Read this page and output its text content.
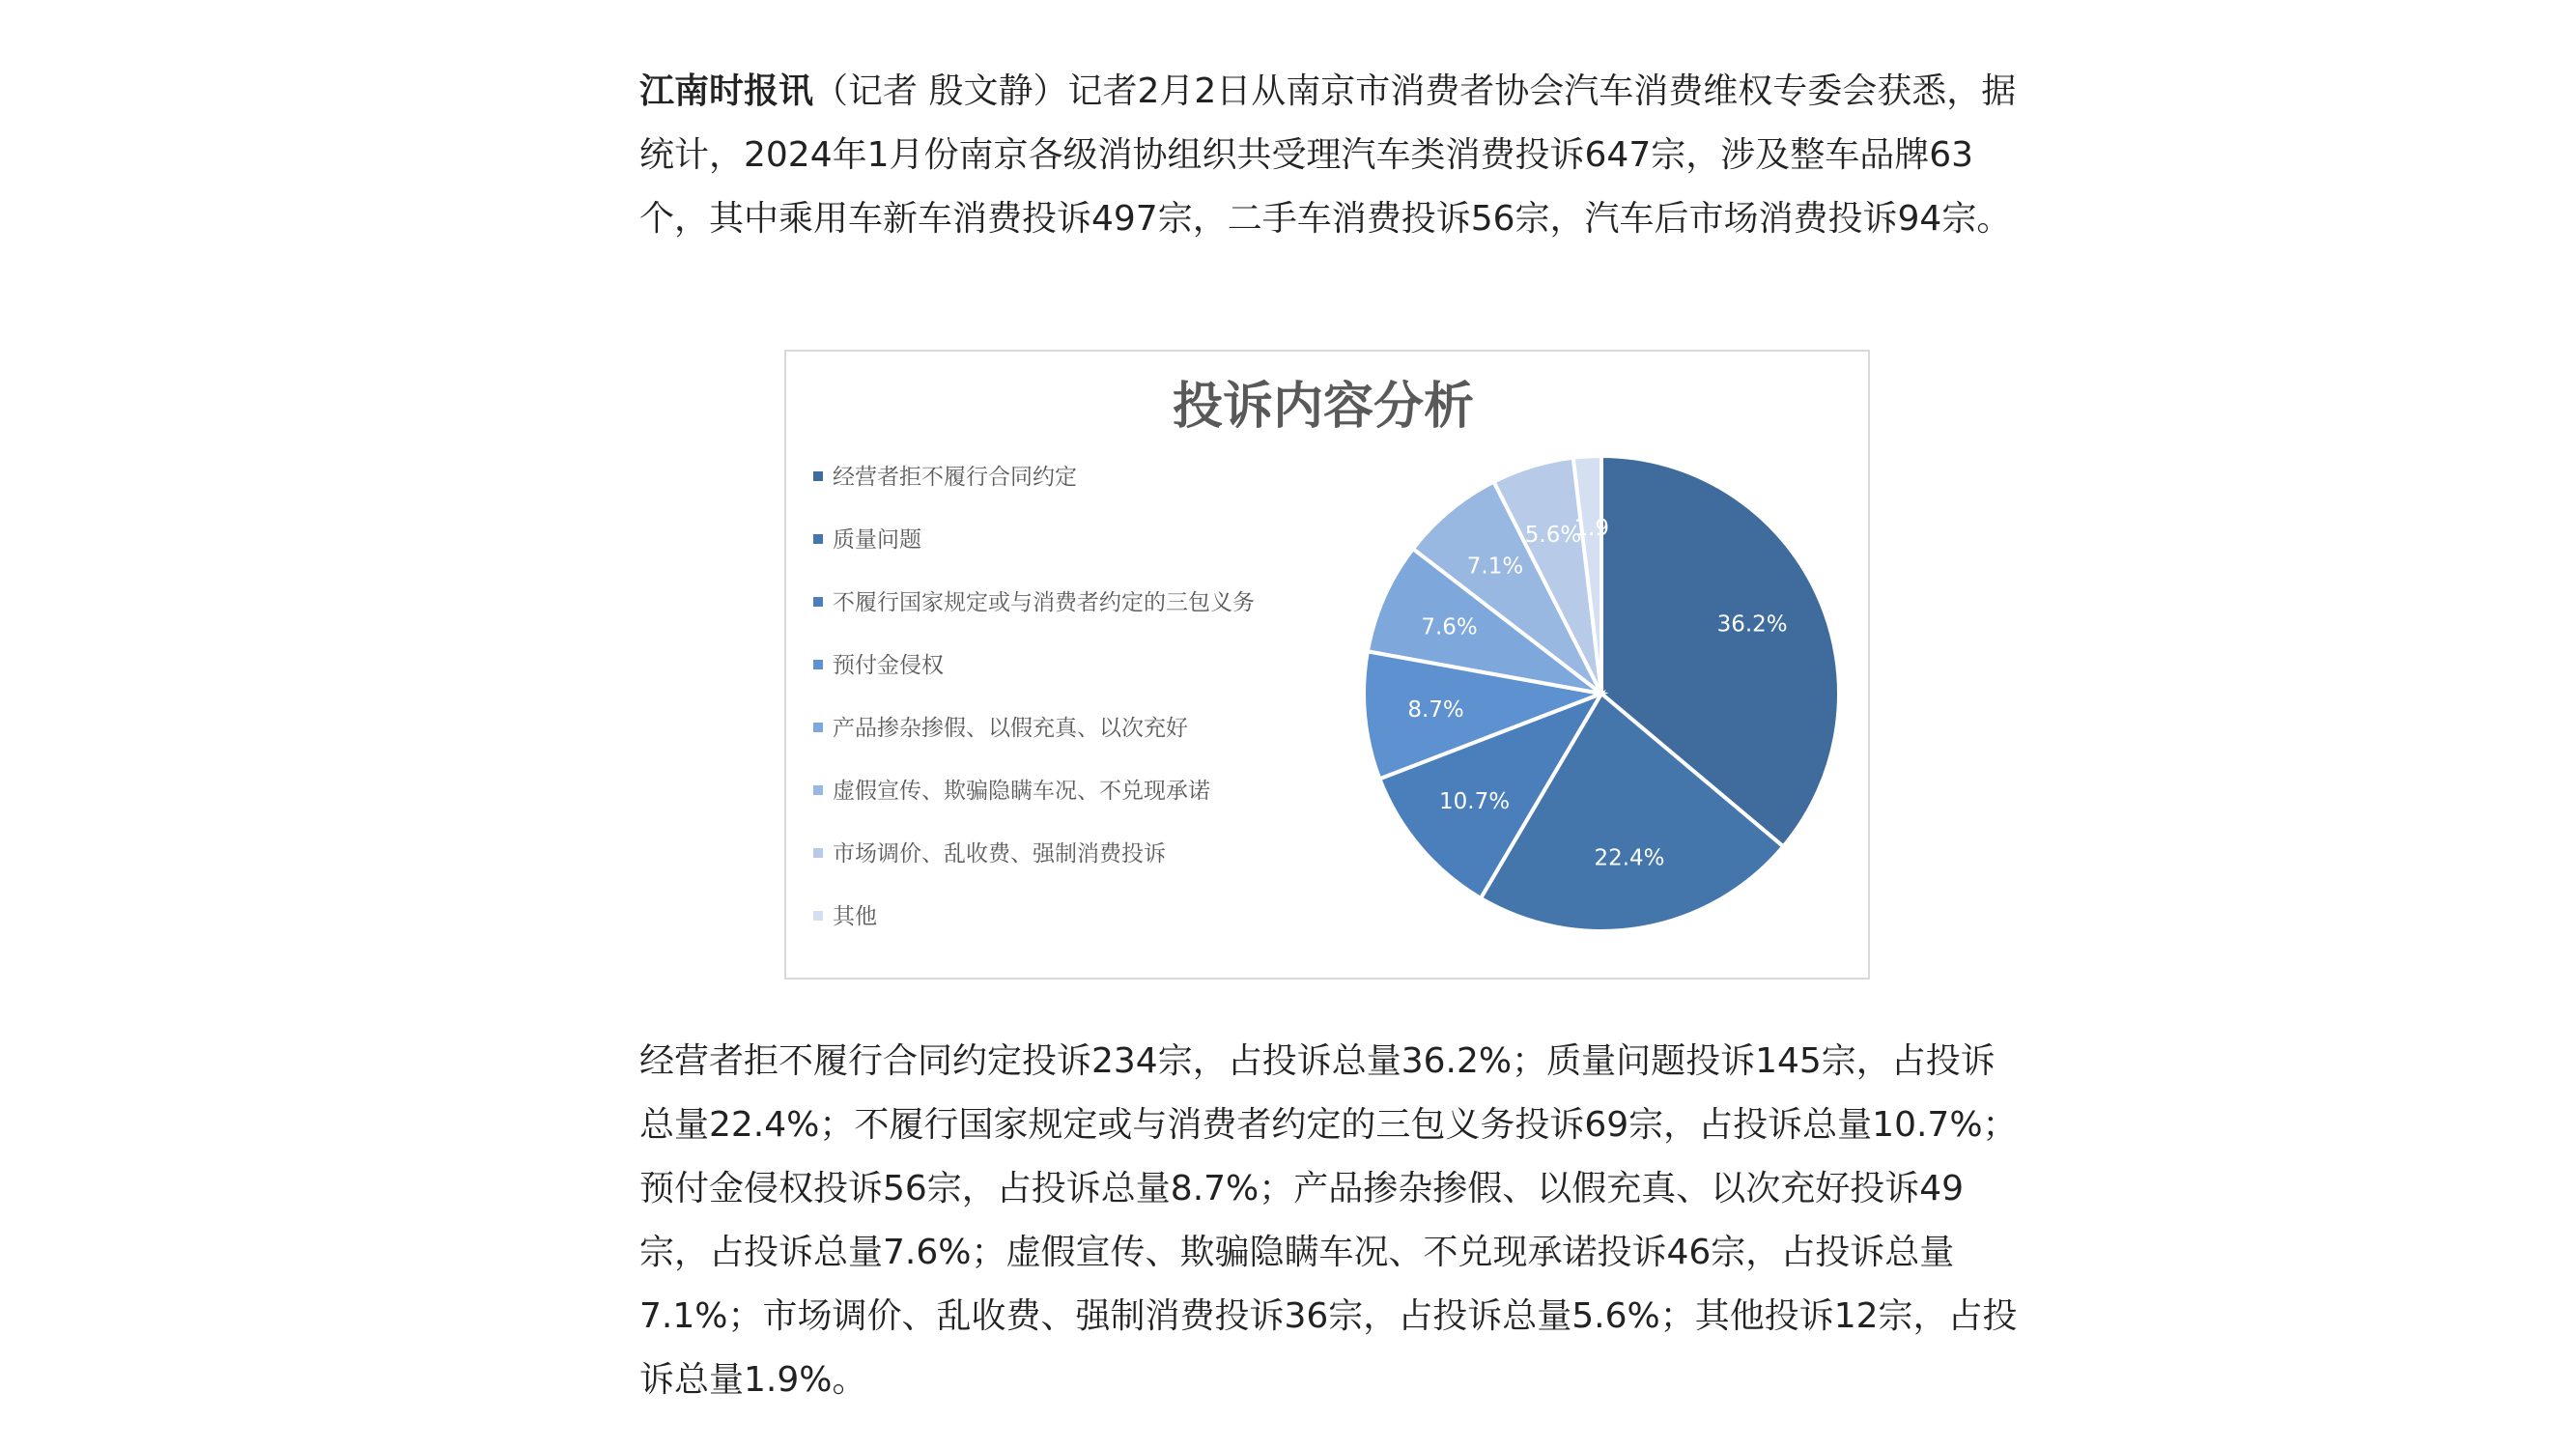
江南时报讯（记者 殷文静）记者2月2日从南京市消费者协会汽车消费维权专委会获悉，据统计，2024年1月份南京各级消协组织共受理汽车类消费投诉647宗，涉及整车品牌63个，其中乘用车新车消费投诉497宗，二手车消费投诉56宗，汽车后市场消费投诉94宗。

投诉内容分析
经营者拒不履行合同约定
质量问题
不履行国家规定或与消费者约定的三包义务
预付金侵权
产品掺杂掺假、以假充真、以次充好
虚假宣传、欺骗隐瞒车况、不兑现承诺
市场调价、乱收费、强制消费投诉
其他
36.2%
22.4%
10.7%
8.7%
7.6%
7.1%
5.6%
1.9

经营者拒不履行合同约定投诉234宗，占投诉总量36.2%；质量问题投诉145宗，占投诉总量22.4%；不履行国家规定或与消费者约定的三包义务投诉69宗，占投诉总量10.7%；预付金侵权投诉56宗，占投诉总量8.7%；产品掺杂掺假、以假充真、以次充好投诉49宗，占投诉总量7.6%；虚假宣传、欺骗隐瞒车况、不兑现承诺投诉46宗，占投诉总量7.1%；市场调价、乱收费、强制消费投诉36宗，占投诉总量5.6%；其他投诉12宗，占投诉总量1.9%。
